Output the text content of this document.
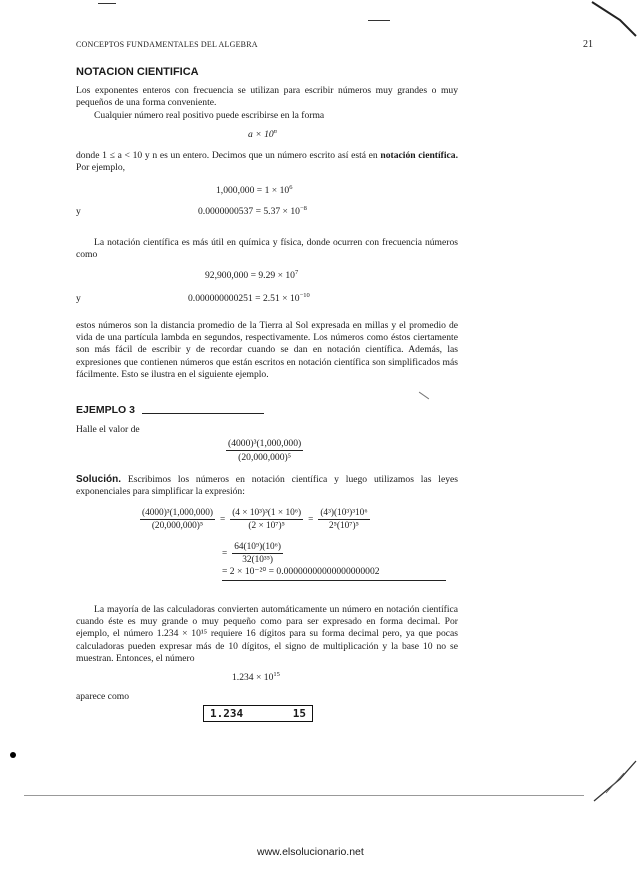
CONCEPTOS FUNDAMENTALES DEL ALGEBRA	21
NOTACION CIENTIFICA
Los exponentes enteros con frecuencia se utilizan para escribir números muy grandes o muy pequeños de una forma conveniente.
Cualquier número real positivo puede escribirse en la forma
$a \times 10^n$
donde 1 ≤ a < 10 y n es un entero. Decimos que un número escrito así está en notación científica. Por ejemplo,
$1,000,000 = 1 \times 10^6$
y	$0.0000000537 = 5.37 \times 10^{-8}$
La notación científica es más útil en química y física, donde ocurren con frecuencia números como
$92,900,000 = 9.29 \times 10^7$
y	$0.000000000251 = 2.51 \times 10^{-10}$
estos números son la distancia promedio de la Tierra al Sol expresada en millas y el promedio de vida de una partícula lambda en segundos, respectivamente. Los números como éstos ciertamente son más fácil de escribir y de recordar cuando se dan en notación científica. Además, las expresiones que contienen números que están escritos en notación científica son simplificados más fácilmente. Esto se ilustra en el siguiente ejemplo.
EJEMPLO 3
Halle el valor de
$\frac{\text{(4000)³(1,000,000)}}{\text{(20,000,000)⁵}}$
Solución. Escribimos los números en notación científica y luego utilizamos las leyes exponenciales para simplificar la expresión:
$\frac{\text{(4000)³(1,000,000)}}{\text{(20,000,000)⁵}} = \frac{\text{(4 × 10³)³(1 × 10⁶)}}{\text{(2 × 10⁷)⁵}} = \frac{\text{(4³)(10³)³10⁶}}{\text{2⁵(10⁷)⁵}}$
= $\frac{\text{64(10⁹)(10⁶)}}{\text{32(10³⁵)}}$
= 2 × 10⁻²⁰ = 0.00000000000000000002
La mayoría de las calculadoras convierten automáticamente un número en notación científica cuando éste es muy grande o muy pequeño como para ser expresado en forma decimal. Por ejemplo, el número 1.234 × 10¹⁵ requiere 16 dígitos para su forma decimal pero, ya que pocas calculadoras pueden expresar más de 10 dígitos, el signo de multiplicación y la base 10 no se muestran. Entonces, el número
$1.234 \times 10^{15}$
aparece como
1.234	15
www.elsolucionario.net
